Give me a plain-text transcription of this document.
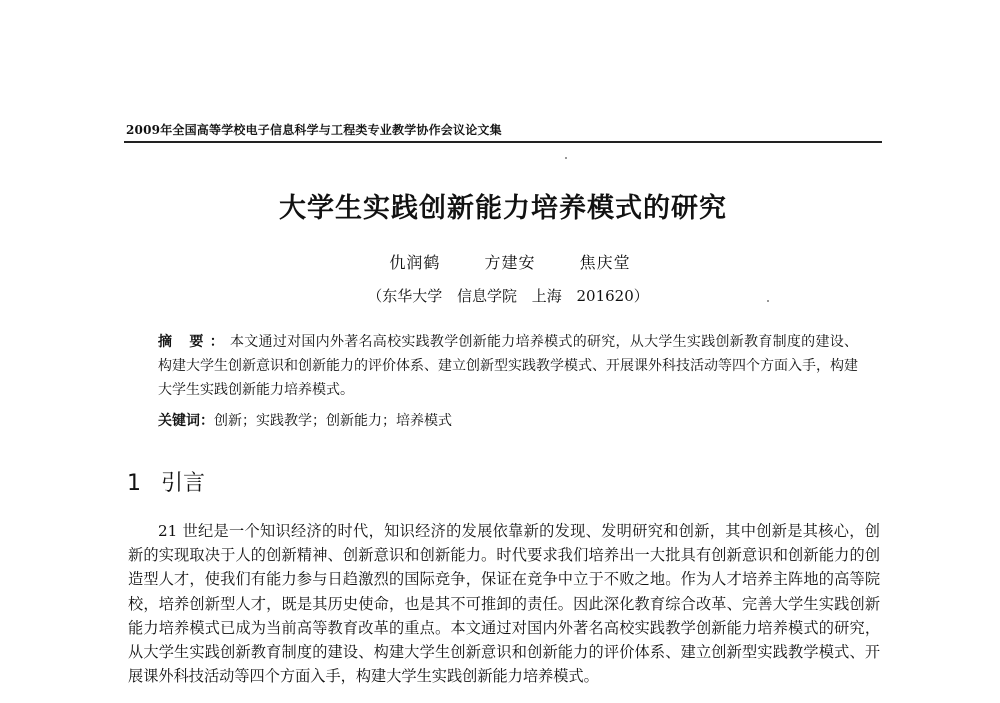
2009年全国高等学校电子信息科学与工程类专业教学协作会议论文集
大学生实践创新能力培养模式的研究
仇润鹤	方建安	焦庆堂
（东华大学 信息学院 上海 201620）
摘 要：本文通过对国内外著名高校实践教学创新能力培养模式的研究，从大学生实践创新教育制度的建设、构建大学生创新意识和创新能力的评价体系、建立创新型实践教学模式、开展课外科技活动等四个方面入手，构建大学生实践创新能力培养模式。
关键词：创新；实践教学；创新能力；培养模式
1 引言
21 世纪是一个知识经济的时代，知识经济的发展依靠新的发现、发明研究和创新，其中创新是其核心，创新的实现取决于人的创新精神、创新意识和创新能力。时代要求我们培养出一大批具有创新意识和创新能力的创造型人才，使我们有能力参与日趋激烈的国际竞争，保证在竞争中立于不败之地。作为人才培养主阵地的高等院校，培养创新型人才，既是其历史使命，也是其不可推卸的责任。因此深化教育综合改革、完善大学生实践创新能力培养模式已成为当前高等教育改革的重点。本文通过对国内外著名高校实践教学创新能力培养模式的研究，从大学生实践创新教育制度的建设、构建大学生创新意识和创新能力的评价体系、建立创新型实践教学模式、开展课外科技活动等四个方面入手，构建大学生实践创新能力培养模式。
